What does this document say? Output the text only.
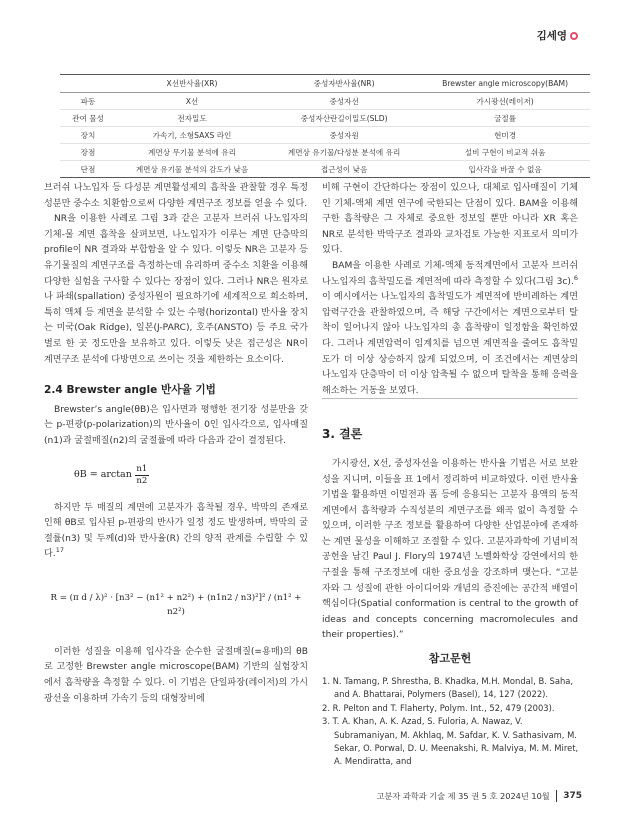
김세영
	X선반사율(XR)	중성자반사율(NR)	Brewster angle microscopy(BAM)
파동	X선	중성자선	가시광선(레이저)
관여 물성	전자밀도	중성자산란길이밀도(SLD)	굴절률
장치	가속기, 소형SAXS 라인	중성자원	현미경
장점	계면상 무기물 분석에 유리	계면상 유기물/다성분 분석에 유리	설비 구현이 비교적 쉬움
단점	계면상 유기물 분석의 감도가 낮음	접근성이 낮음	입사각을 바꿀 수 없음

브러쉬 나노입자 등 다성분 계면활성제의 흡착을 관찰할 경우 특정 성분만 중수소 치환함으로써 다양한 계면구조 정보를 얻을 수 있다.

NR을 이용한 사례로 그림 3과 같은 고분자 브러쉬 나노입자의 기체-물 계면 흡착을 살펴보면, 나노입자가 이루는 계면 단층막의 profile이 NR 결과와 부합함을 알 수 있다. 이렇듯 NR은 고분자 등 유기물질의 계면구조를 측정하는데 유리하며 중수소 치환을 이용해 다양한 실험을 구사할 수 있다는 장점이 있다. 그러나 NR은 원자로나 파쇄(spallation) 중성자원이 필요하기에 세계적으로 희소하며, 특히 액체 등 계면을 분석할 수 있는 수평(horizontal) 반사율 장치는 미국(Oak Ridge), 일본(J-PARC), 호주(ANSTO) 등 주요 국가별로 한 곳 정도만을 보유하고 있다. 이렇듯 낮은 접근성은 NR이 계면구조 분석에 다방면으로 쓰이는 것을 제한하는 요소이다.

2.4 Brewster angle 반사율 기법

Brewster’s angle(θB)은 입사면과 평행한 전기장 성분만을 갖는 p-편광(p-polarization)의 반사율이 0인 입사각으로, 입사매질(n1)과 굴절매질(n2)의 굴절률에 따라 다음과 같이 결정된다.

θB = arctan
n1
n2

하지만 두 매질의 계면에 고분자가 흡착될 경우, 박막의 존재로 인해 θB로 입사된 p-편광의 반사가 일정 정도 발생하며, 박막의 굴절률(n3) 및 두께(d)와 반사율(R) 간의 양적 관계를 수립할 수 있다.$^{17}$

R = (π d / λ)² · [n3² − (n1² + n2²) + (n1n2 / n3)²]² / (n1² + n2²)

이러한 성질을 이용해 입사각을 순수한 굴절매질(=용매)의 θB로 고정한 Brewster angle microscope(BAM) 기반의 실험장치에서 흡착량을 측정할 수 있다. 이 기법은 단일파장(레이저)의 가시광선을 이용하며 가속기 등의 대형장비에

비해 구현이 간단하다는 장점이 있으나, 대체로 입사매질이 기체인 기체-액체 계면 연구에 국한되는 단점이 있다. BAM을 이용해 구한 흡착량은 그 자체로 중요한 정보일 뿐만 아니라 XR 혹은 NR로 분석한 박막구조 결과와 교차검토 가능한 지표로서 의미가 있다.

BAM을 이용한 사례로 기체-액체 동적계면에서 고분자 브러쉬 나노입자의 흡착밀도를 계면적에 따라 측정할 수 있다(그림 3c).$^6$ 이 예시에서는 나노입자의 흡착밀도가 계면적에 반비례하는 계면압력구간을 관찰하였으며, 즉 해당 구간에서는 계면으로부터 탈착이 일어나지 않아 나노입자의 총 흡착량이 일정함을 확인하였다. 그러나 계면압력이 임계치를 넘으면 계면적을 줄여도 흡착밀도가 더 이상 상승하지 않게 되었으며, 이 조건에서는 계면상의 나노입자 단층막이 더 이상 압축될 수 없으며 탈착을 통해 응력을 해소하는 거동을 보였다.

3. 결론

가시광선, X선, 중성자선을 이용하는 반사율 기법은 서로 보완성을 지니며, 이들을 표 1에서 정리하여 비교하였다. 이런 반사율 기법을 활용하면 이멀전과 폼 등에 응용되는 고분자 용액의 동적계면에서 흡착량과 수직성분의 계면구조를 왜곡 없이 측정할 수 있으며, 이러한 구조 정보를 활용하여 다양한 산업분야에 존재하는 계면 물성을 이해하고 조절할 수 있다. 고분자과학에 기념비적 공헌을 남긴 Paul J. Flory의 1974년 노벨화학상 강연에서의 한 구절을 통해 구조정보에 대한 중요성을 강조하며 맺는다. “고분자와 그 성질에 관한 아이디어와 개념의 증진에는 공간적 배열이 핵심이다(Spatial conformation is central to the growth of ideas and concepts concerning macromolecules and their properties).”

참고문헌
1. N. Tamang, P. Shrestha, B. Khadka, M.H. Mondal, B. Saha, and A. Bhattarai, Polymers (Basel), 14, 127 (2022).
2. R. Pelton and T. Flaherty, Polym. Int., 52, 479 (2003).
3. T. A. Khan, A. K. Azad, S. Fuloria, A. Nawaz, V. Subramaniyan, M. Akhlaq, M. Safdar, K. V. Sathasivam, M. Sekar, O. Porwal, D. U. Meenakshi, R. Malviya, M. M. Miret, A. Mendiratta, and
고분자 과학과 기술 제 35 권 5 호 2024년 10월 375
